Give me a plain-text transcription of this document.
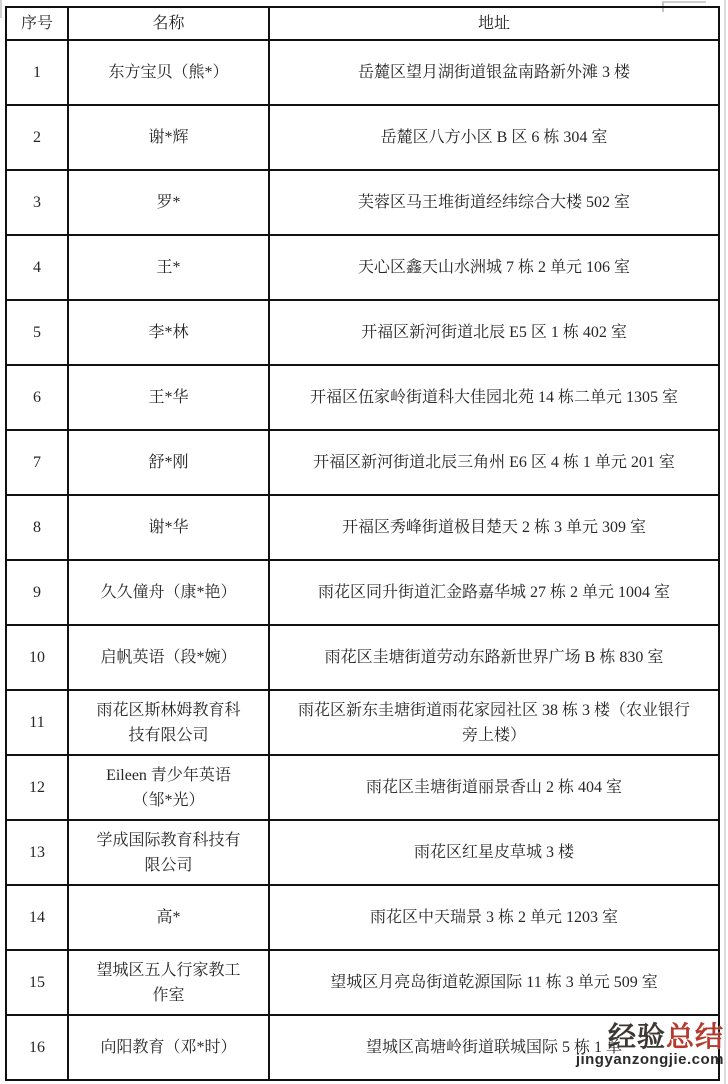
序号	名称	地址
1	东方宝贝（熊*）	岳麓区望月湖街道银盆南路新外滩 3 楼
2	谢*辉	岳麓区八方小区 B 区 6 栋 304 室
3	罗*	芙蓉区马王堆街道经纬综合大楼 502 室
4	王*	天心区鑫天山水洲城 7 栋 2 单元 106 室
5	李*林	开福区新河街道北辰 E5 区 1 栋 402 室
6	王*华	开福区伍家岭街道科大佳园北苑 14 栋二单元 1305 室
7	舒*刚	开福区新河街道北辰三角州 E6 区 4 栋 1 单元 201 室
8	谢*华	开福区秀峰街道极目楚天 2 栋 3 单元 309 室
9	久久僮舟（康*艳）	雨花区同升街道汇金路嘉华城 27 栋 2 单元 1004 室
10	启帆英语（段*婉）	雨花区圭塘街道劳动东路新世界广场 B 栋 830 室
11	雨花区斯林姆教育科技有限公司	雨花区新东圭塘街道雨花家园社区 38 栋 3 楼（农业银行旁上楼）
12	Eileen 青少年英语（邹*光）	雨花区圭塘街道丽景香山 2 栋 404 室
13	学成国际教育科技有限公司	雨花区红星皮草城 3 楼
14	高*	雨花区中天瑞景 3 栋 2 单元 1203 室
15	望城区五人行家教工作室	望城区月亮岛街道乾源国际 11 栋 3 单元 509 室
16	向阳教育（邓*时）	望城区高塘岭街道联城国际 5 栋 1 单
经验总结
jingyanzongjie.com
